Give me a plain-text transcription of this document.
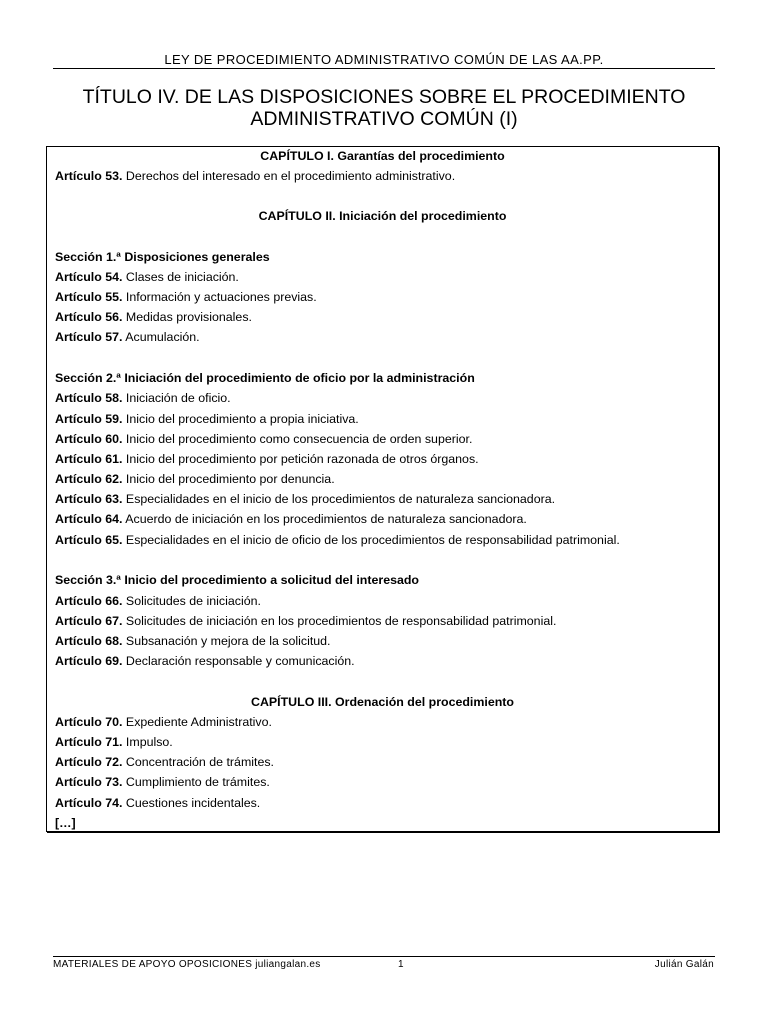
LEY DE PROCEDIMIENTO ADMINISTRATIVO COMÚN DE LAS AA.PP.
TÍTULO IV. DE LAS DISPOSICIONES SOBRE EL PROCEDIMIENTO
ADMINISTRATIVO COMÚN (I)
CAPÍTULO I. Garantías del procedimiento
Artículo 53. Derechos del interesado en el procedimiento administrativo.
CAPÍTULO II. Iniciación del procedimiento
Sección 1.ª Disposiciones generales
Artículo 54. Clases de iniciación.
Artículo 55. Información y actuaciones previas.
Artículo 56. Medidas provisionales.
Artículo 57. Acumulación.
Sección 2.ª Iniciación del procedimiento de oficio por la administración
Artículo 58. Iniciación de oficio.
Artículo 59. Inicio del procedimiento a propia iniciativa.
Artículo 60. Inicio del procedimiento como consecuencia de orden superior.
Artículo 61. Inicio del procedimiento por petición razonada de otros órganos.
Artículo 62. Inicio del procedimiento por denuncia.
Artículo 63. Especialidades en el inicio de los procedimientos de naturaleza sancionadora.
Artículo 64. Acuerdo de iniciación en los procedimientos de naturaleza sancionadora.
Artículo 65. Especialidades en el inicio de oficio de los procedimientos de responsabilidad patrimonial.
Sección 3.ª Inicio del procedimiento a solicitud del interesado
Artículo 66. Solicitudes de iniciación.
Artículo 67. Solicitudes de iniciación en los procedimientos de responsabilidad patrimonial.
Artículo 68. Subsanación y mejora de la solicitud.
Artículo 69. Declaración responsable y comunicación.
CAPÍTULO III. Ordenación del procedimiento
Artículo 70. Expediente Administrativo.
Artículo 71. Impulso.
Artículo 72. Concentración de trámites.
Artículo 73. Cumplimiento de trámites.
Artículo 74. Cuestiones incidentales.
[…]
MATERIALES DE APOYO OPOSICIONES juliangalan.es	1	Julián Galán
